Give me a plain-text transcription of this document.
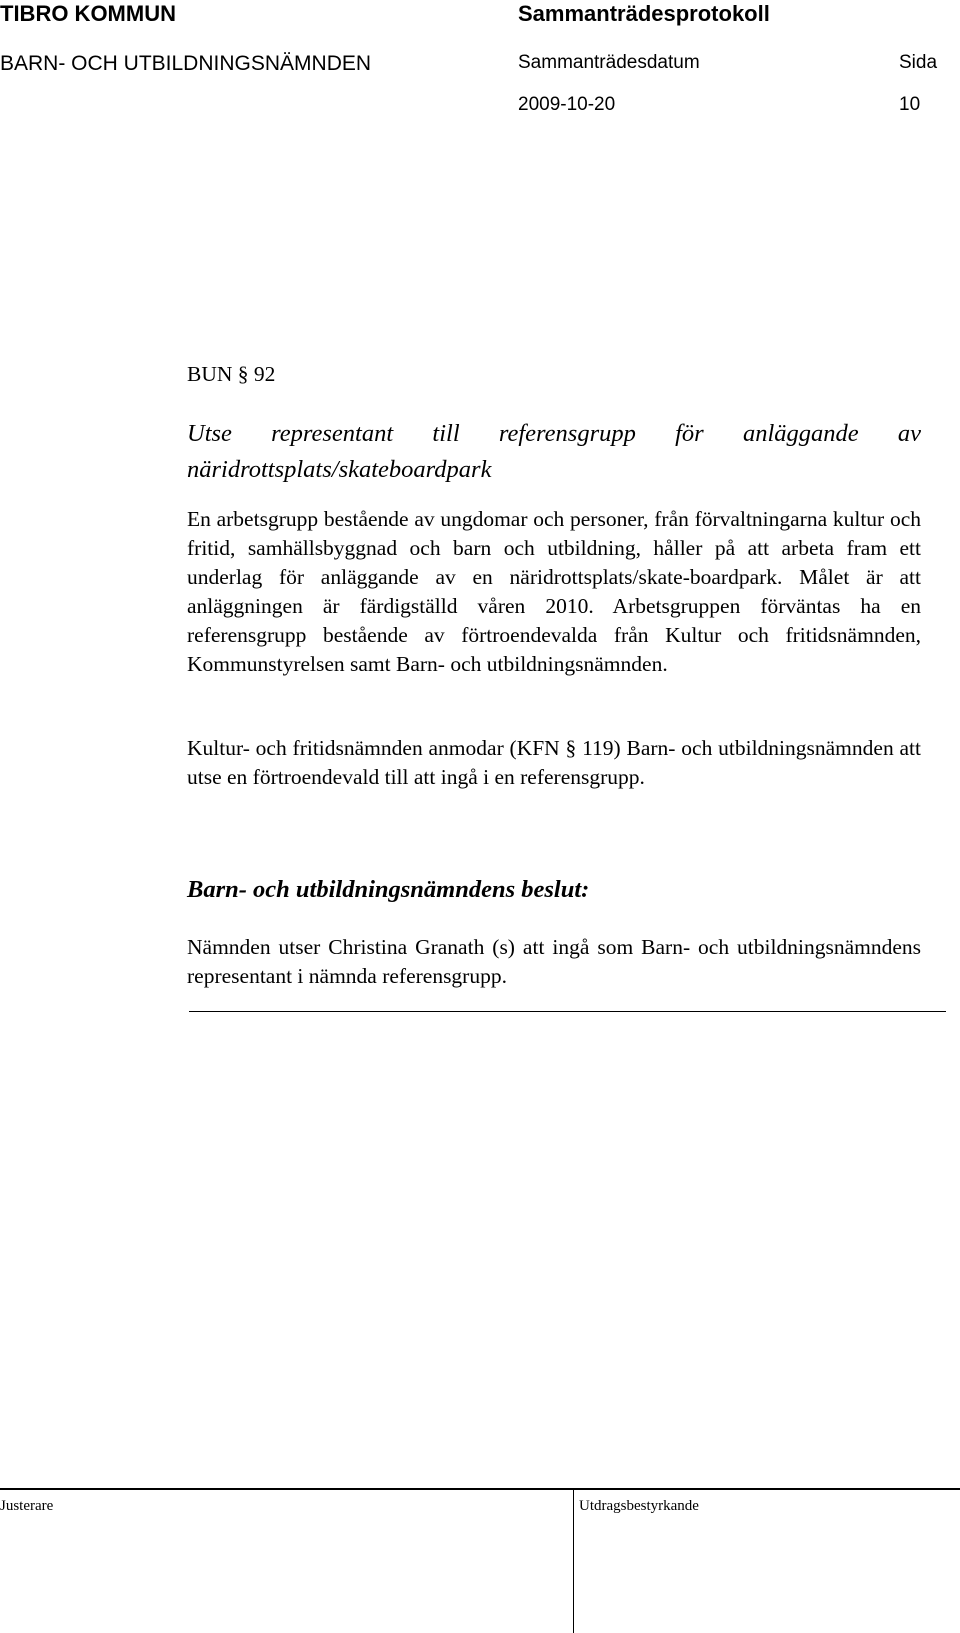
TIBRO KOMMUN	Sammanträdesprotokoll
BARN- OCH UTBILDNINGSNÄMNDEN	Sammanträdesdatum	Sida
2009-10-20	10
BUN § 92
Utse representant till referensgrupp för anläggande av näridrottsplats/skateboardpark

En arbetsgrupp bestående av ungdomar och personer, från förvaltningarna kultur och fritid, samhällsbyggnad och barn och utbildning, håller på att arbeta fram ett underlag för anläggande av en näridrottsplats/skate-boardpark. Målet är att anläggningen är färdigställd våren 2010. Arbetsgruppen förväntas ha en referensgrupp bestående av förtroendevalda från Kultur och fritidsnämnden, Kommunstyrelsen samt Barn- och utbildningsnämnden.

Kultur- och fritidsnämnden anmodar (KFN § 119) Barn- och utbildningsnämnden att utse en förtroendevald till att ingå i en referensgrupp.

Barn- och utbildningsnämndens beslut:

Nämnden utser Christina Granath (s) att ingå som Barn- och utbildningsnämndens representant i nämnda referensgrupp.

Justerare	Utdragsbestyrkande
